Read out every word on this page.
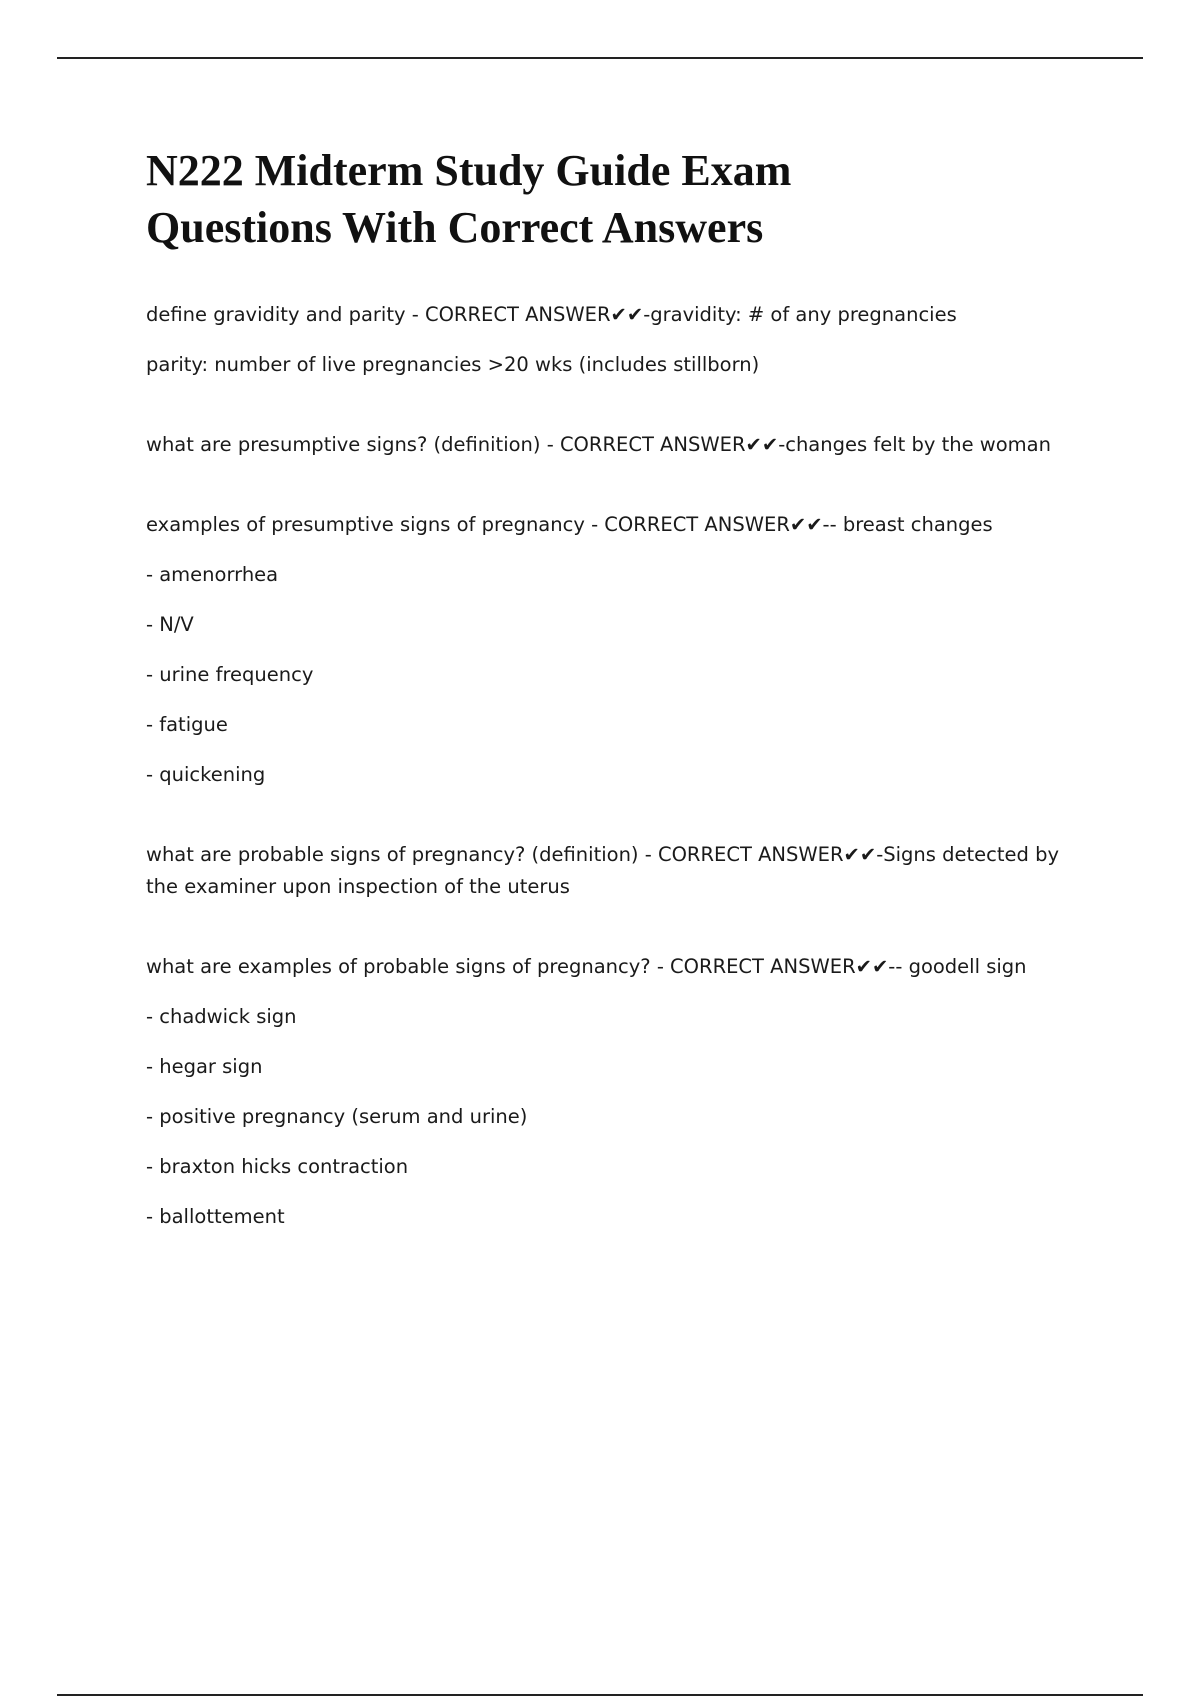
N222 Midterm Study Guide Exam
Questions With Correct Answers

define gravidity and parity - CORRECT ANSWER✔✔-gravidity: # of any pregnancies

parity: number of live pregnancies >20 wks (includes stillborn)

what are presumptive signs? (definition) - CORRECT ANSWER✔✔-changes felt by the woman

examples of presumptive signs of pregnancy - CORRECT ANSWER✔✔-- breast changes

- amenorrhea

- N/V

- urine frequency

- fatigue

- quickening

what are probable signs of pregnancy? (definition) - CORRECT ANSWER✔✔-Signs detected by the examiner upon inspection of the uterus

what are examples of probable signs of pregnancy? - CORRECT ANSWER✔✔-- goodell sign

- chadwick sign

- hegar sign

- positive pregnancy (serum and urine)

- braxton hicks contraction

- ballottement
